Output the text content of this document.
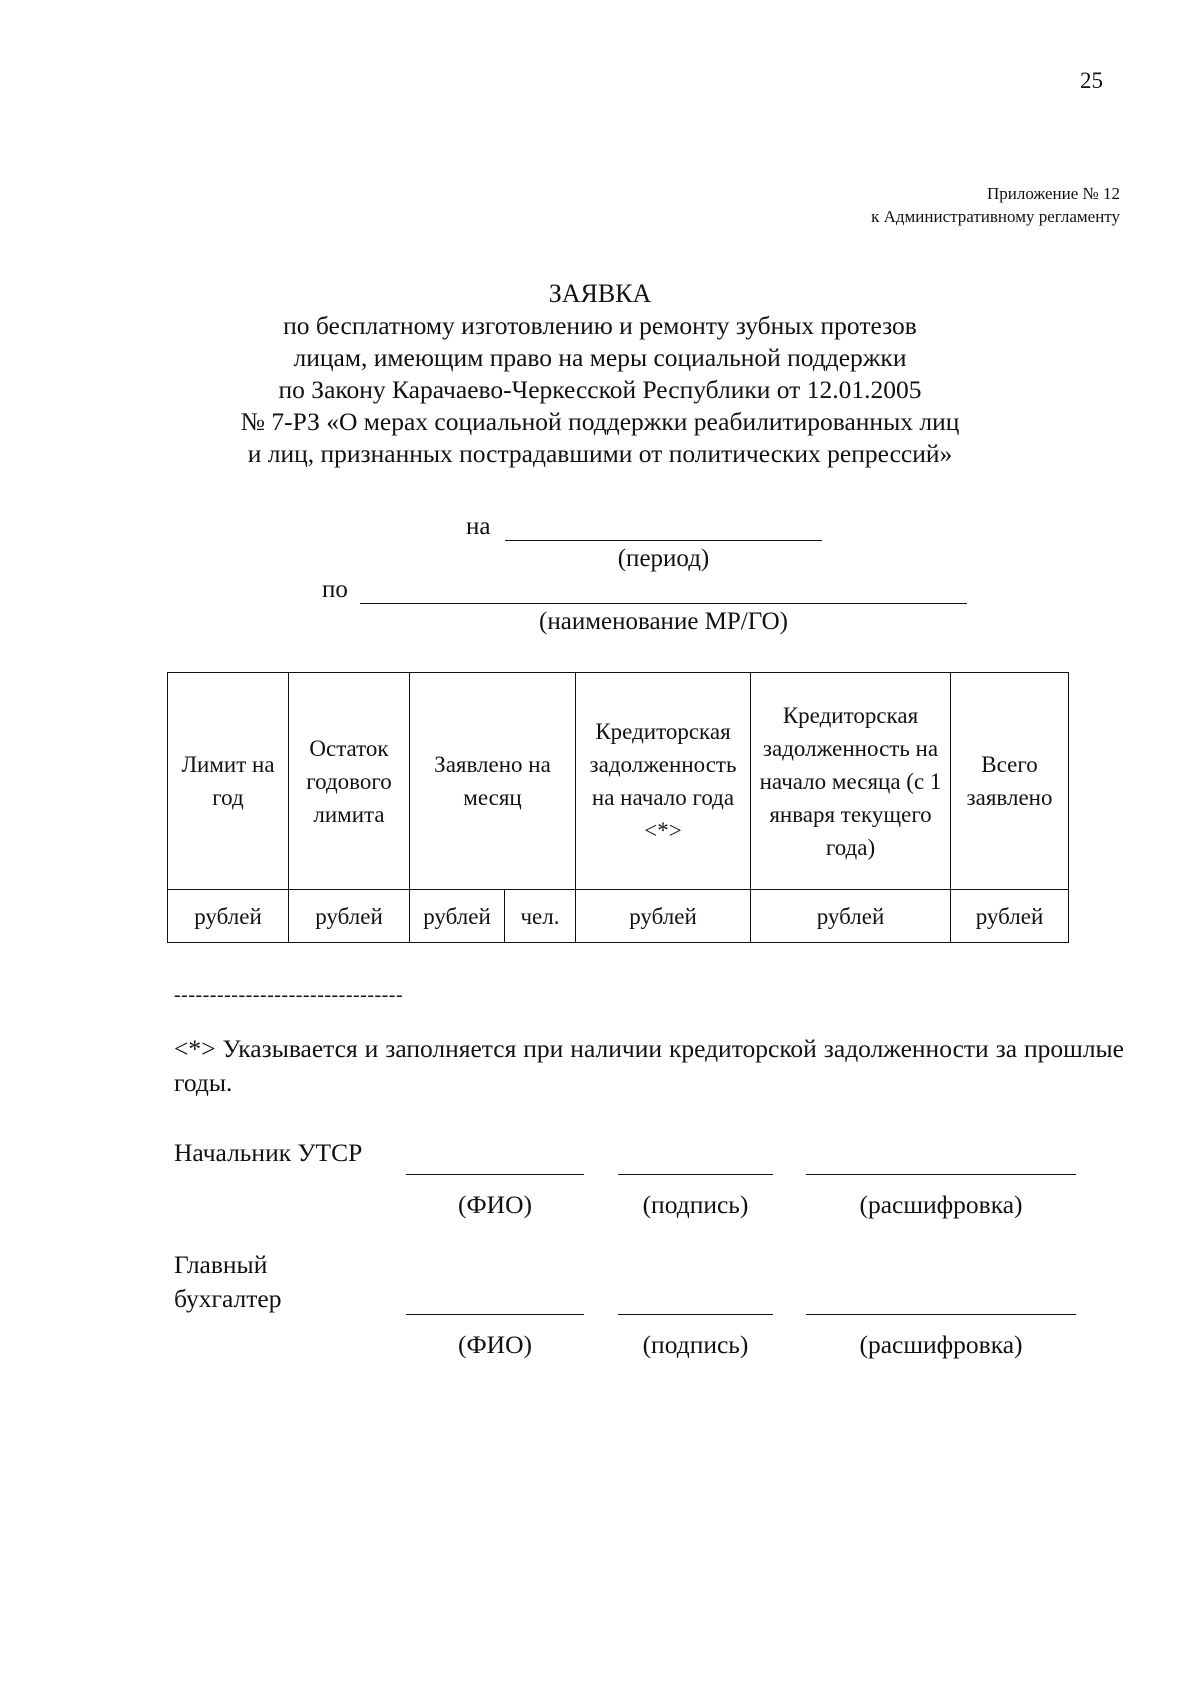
25
Приложение № 12
к Административному регламенту
ЗАЯВКА
по бесплатному изготовлению и ремонту зубных протезов
лицам, имеющим право на меры социальной поддержки
по Закону Карачаево-Черкесской Республики от 12.01.2005
№ 7-РЗ «О мерах социальной поддержки реабилитированных лиц
и лиц, признанных пострадавшими от политических репрессий»
на
(период)
по
(наименование МР/ГО)
Лимит на год	Остаток годового лимита	Заявлено на месяц		Кредиторская задолженность на начало года <*>	Кредиторская задолженность на начало месяца (с 1 января текущего года)	Всего заявлено
рублей	рублей	рублей	чел.	рублей	рублей	рублей
--------------------------------
<*> Указывается и заполняется при наличии кредиторской задолженности за прошлые годы.
Начальник УТСР
(ФИО)	(подпись)	(расшифровка)
Главный бухгалтер
(ФИО)	(подпись)	(расшифровка)
